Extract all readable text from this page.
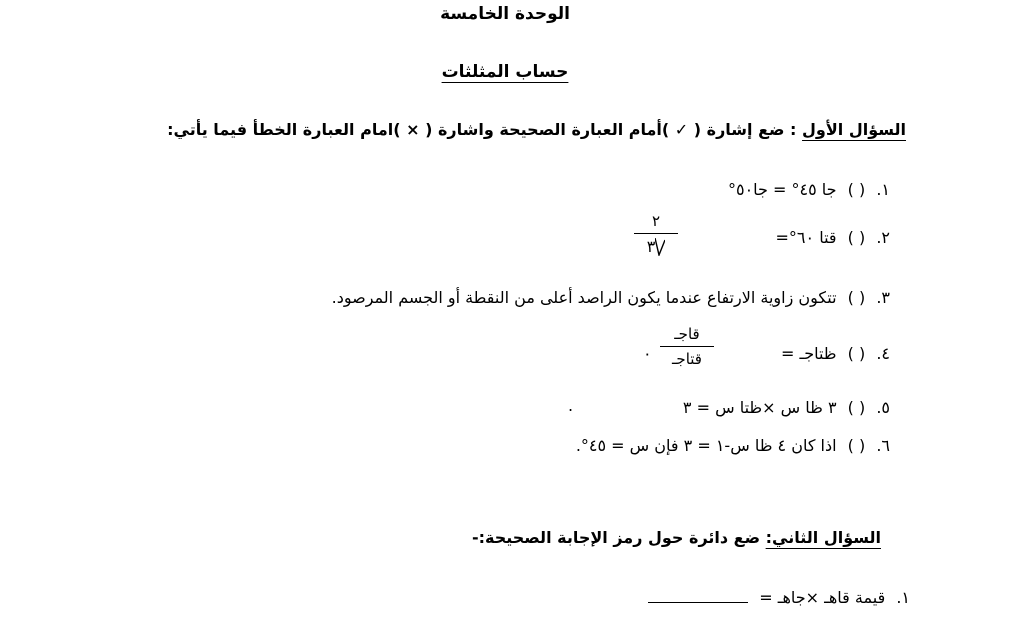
الوحدة الخامسة
حساب المثلثات
السؤال الأول : ضع إشارة ( ✓ )أمام العبارة الصحيحة واشارة ( × )امام العبارة الخطأ فيما يأتي:
١. ( ) جا ٤٥° = جا٥٠°
٢. ( ) قتا ٦٠°=
٢
٣
٣. ( ) تتكون زاوية الارتفاع عندما يكون الراصد أعلى من النقطة أو الجسم المرصود.
٤. ( ) ظتاجـ =
قاجـ
قتاجـ
٠
٥. ( ) ٣ ظا س ×ظتا س = ٣
.
٦. ( ) اذا كان ٤ ظا س-١ = ٣ فإن س = ٤٥°.
السؤال الثاني: ضع دائرة حول رمز الإجابة الصحيحة:-
١. قيمة قاهـ ×جاهـ =
